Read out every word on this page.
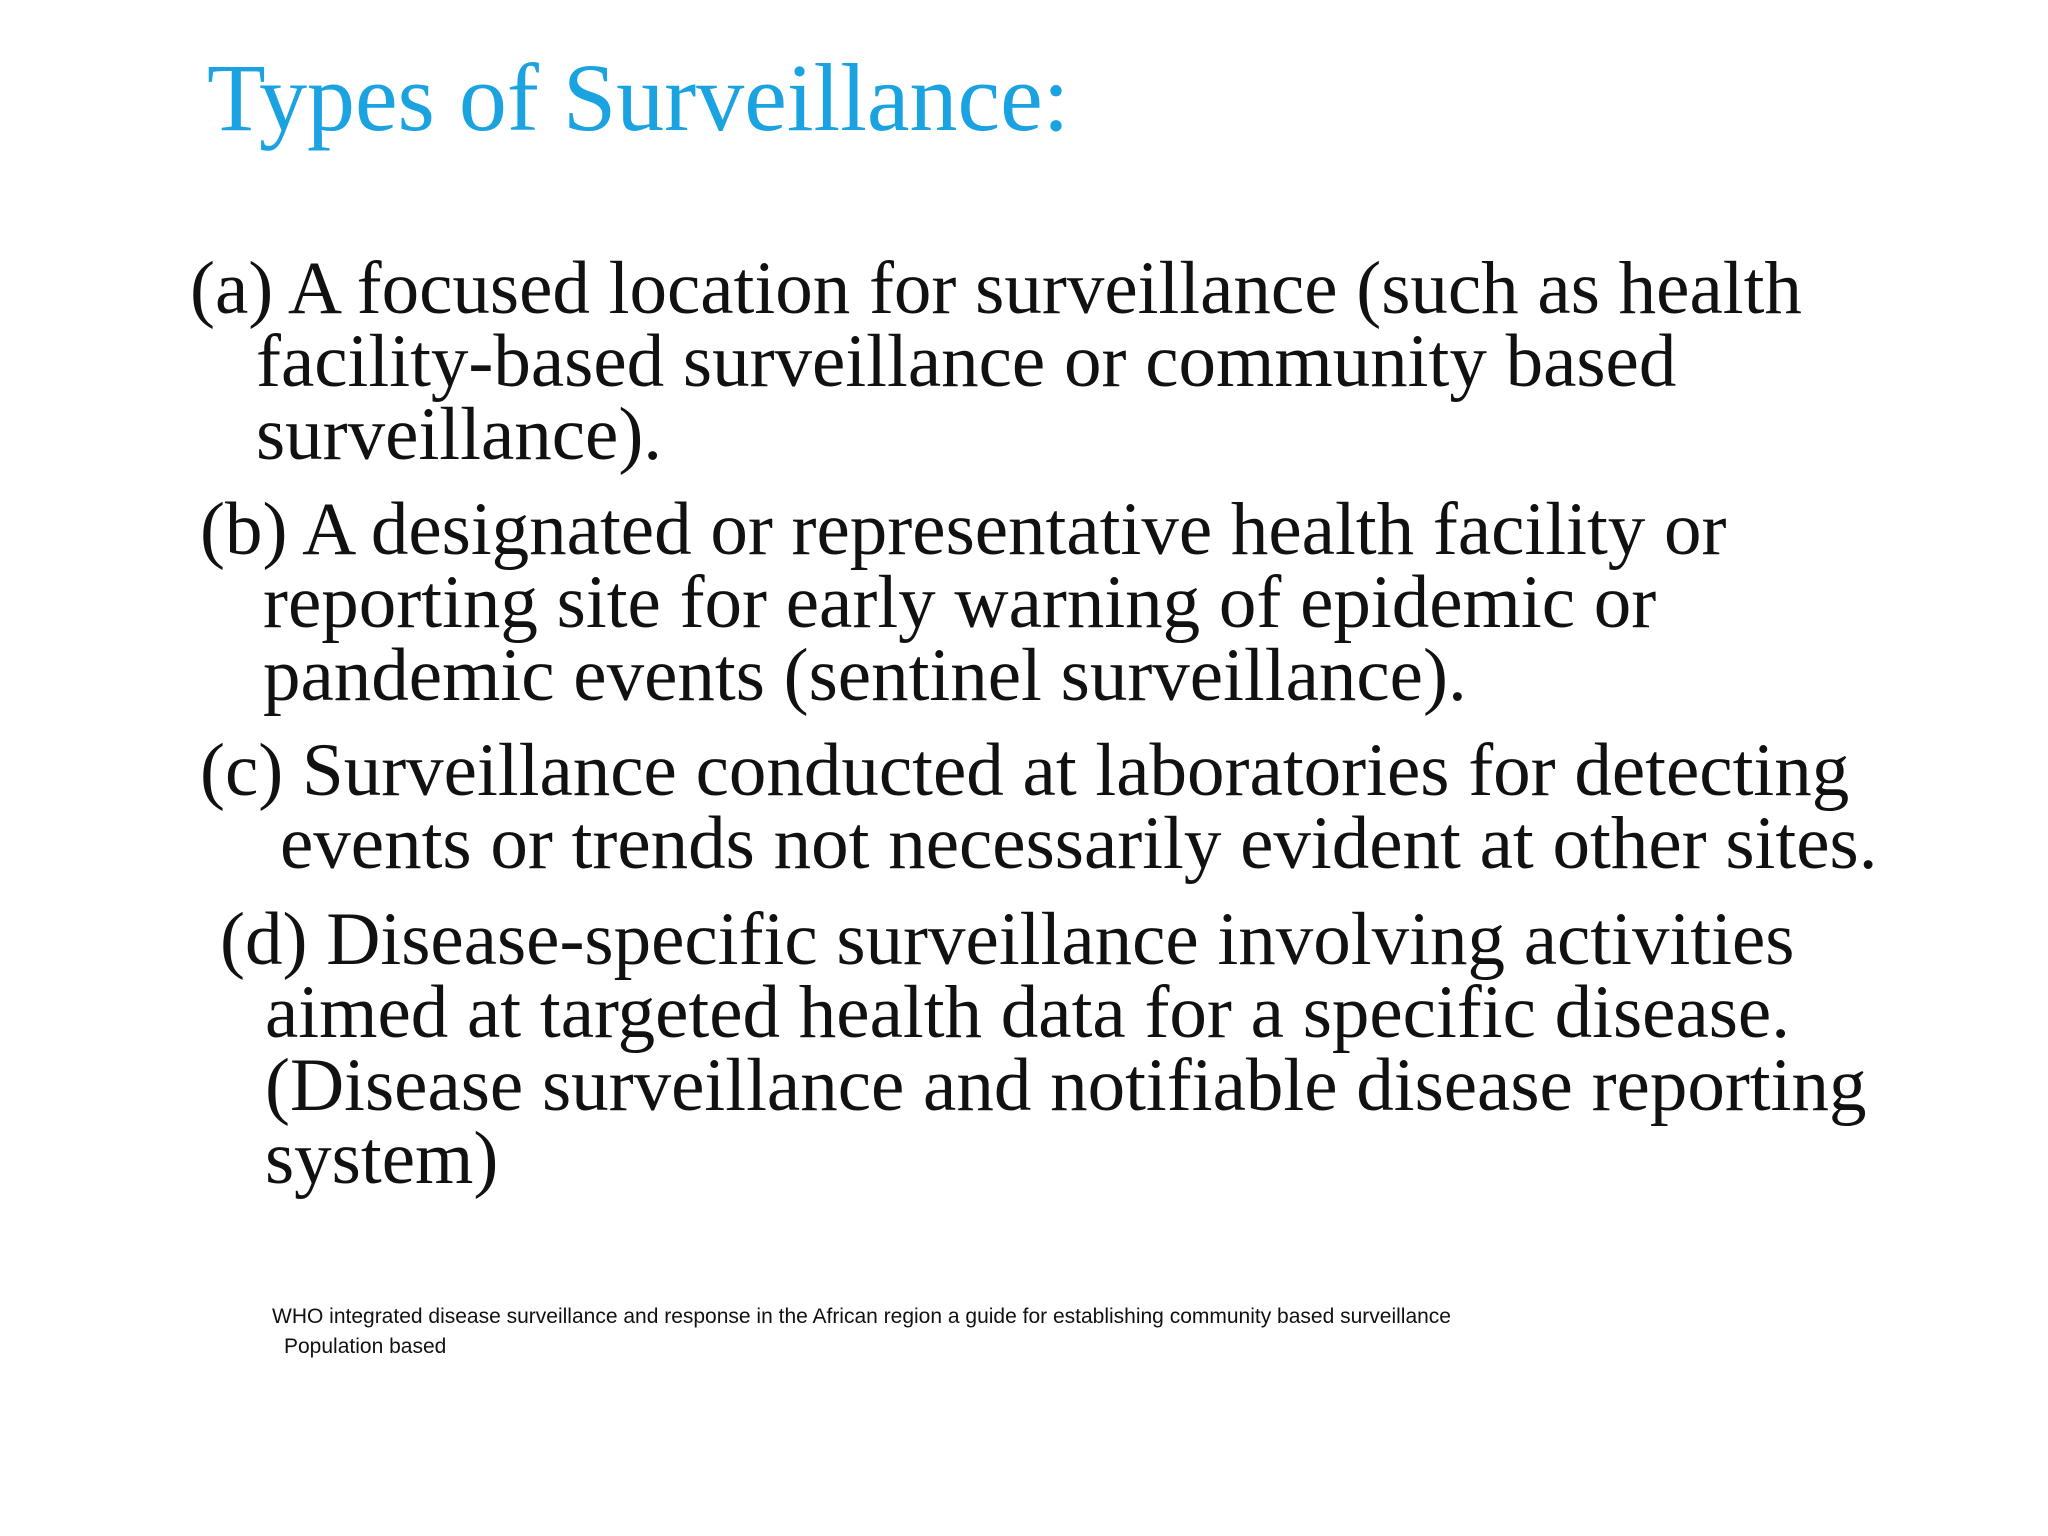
Types of Surveillance:

(a) A focused location for surveillance (such as health
facility-based surveillance or community based
surveillance).

(b) A designated or representative health facility or
reporting site for early warning of epidemic or
pandemic events (sentinel surveillance).

(c) Surveillance conducted at laboratories for detecting
events or trends not necessarily evident at other sites.

(d) Disease-specific surveillance involving activities
aimed at targeted health data for a specific disease.
(Disease surveillance and notifiable disease reporting
system)

WHO integrated disease surveillance and response in the African region a guide for establishing community based surveillance
Population based
